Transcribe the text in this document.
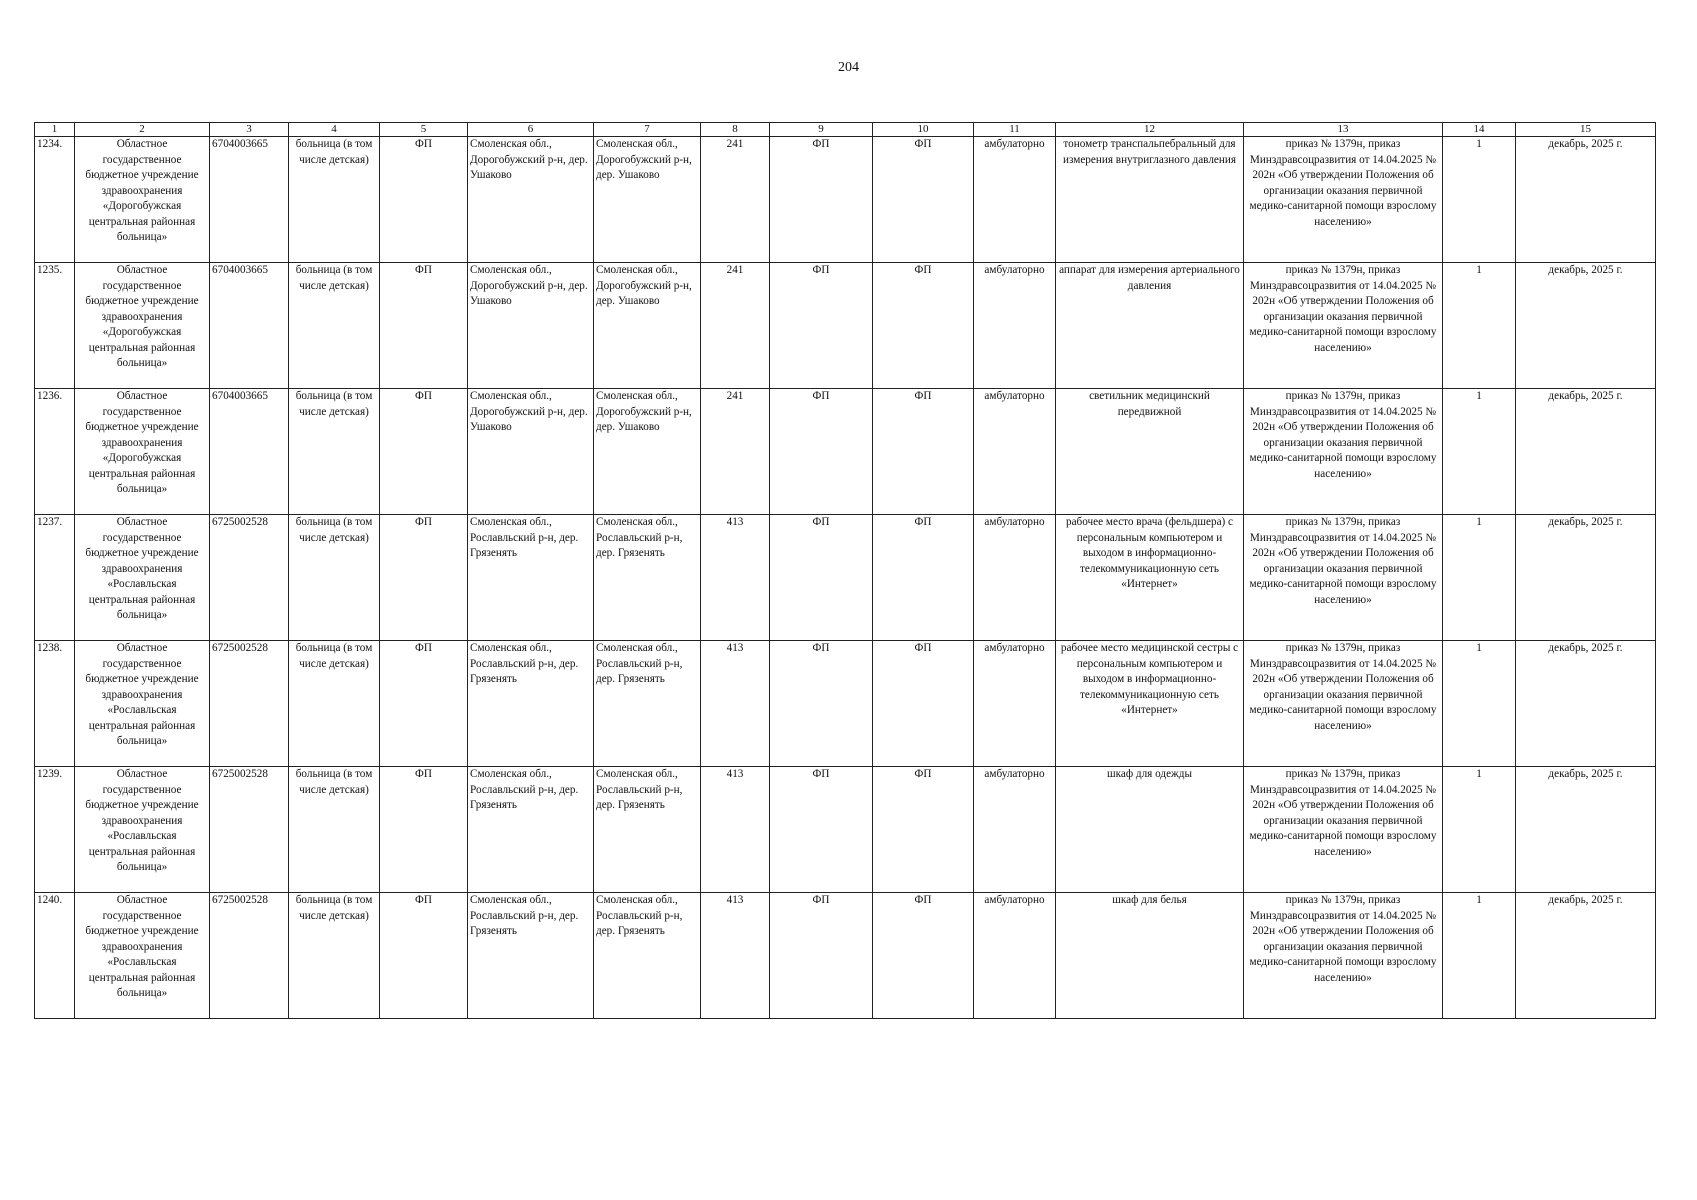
204
1	2	3	4	5	6	7	8	9	10	11	12	13	14	15
1234.	Областное государственное бюджетное учреждение здравоохранения «Дорогобужская центральная районная больница»	6704003665	больница (в том числе детская)	ФП	Смоленская обл., Дорогобужский р-н, дер. Ушаково	Смоленская обл., Дорогобужский р-н, дер. Ушаково	241	ФП	ФП	амбулаторно	тонометр транспальпебральный для измерения внутриглазного давления	приказ № 1379н, приказ Минздравсоцразвития от 14.04.2025 № 202н «Об утверждении Положения об организации оказания первичной медико-санитарной помощи взрослому населению»	1	декабрь, 2025 г.
1235.	Областное государственное бюджетное учреждение здравоохранения «Дорогобужская центральная районная больница»	6704003665	больница (в том числе детская)	ФП	Смоленская обл., Дорогобужский р-н, дер. Ушаково	Смоленская обл., Дорогобужский р-н, дер. Ушаково	241	ФП	ФП	амбулаторно	аппарат для измерения артериального давления	приказ № 1379н, приказ Минздравсоцразвития от 14.04.2025 № 202н «Об утверждении Положения об организации оказания первичной медико-санитарной помощи взрослому населению»	1	декабрь, 2025 г.
1236.	Областное государственное бюджетное учреждение здравоохранения «Дорогобужская центральная районная больница»	6704003665	больница (в том числе детская)	ФП	Смоленская обл., Дорогобужский р-н, дер. Ушаково	Смоленская обл., Дорогобужский р-н, дер. Ушаково	241	ФП	ФП	амбулаторно	светильник медицинский передвижной	приказ № 1379н, приказ Минздравсоцразвития от 14.04.2025 № 202н «Об утверждении Положения об организации оказания первичной медико-санитарной помощи взрослому населению»	1	декабрь, 2025 г.
1237.	Областное государственное бюджетное учреждение здравоохранения «Рославльская центральная районная больница»	6725002528	больница (в том числе детская)	ФП	Смоленская обл., Рославльский р-н, дер. Грязенять	Смоленская обл., Рославльский р-н, дер. Грязенять	413	ФП	ФП	амбулаторно	рабочее место врача (фельдшера) с персональным компьютером и выходом в информационно-телекоммуникационную сеть «Интернет»	приказ № 1379н, приказ Минздравсоцразвития от 14.04.2025 № 202н «Об утверждении Положения об организации оказания первичной медико-санитарной помощи взрослому населению»	1	декабрь, 2025 г.
1238.	Областное государственное бюджетное учреждение здравоохранения «Рославльская центральная районная больница»	6725002528	больница (в том числе детская)	ФП	Смоленская обл., Рославльский р-н, дер. Грязенять	Смоленская обл., Рославльский р-н, дер. Грязенять	413	ФП	ФП	амбулаторно	рабочее место медицинской сестры с персональным компьютером и выходом в информационно-телекоммуникационную сеть «Интернет»	приказ № 1379н, приказ Минздравсоцразвития от 14.04.2025 № 202н «Об утверждении Положения об организации оказания первичной медико-санитарной помощи взрослому населению»	1	декабрь, 2025 г.
1239.	Областное государственное бюджетное учреждение здравоохранения «Рославльская центральная районная больница»	6725002528	больница (в том числе детская)	ФП	Смоленская обл., Рославльский р-н, дер. Грязенять	Смоленская обл., Рославльский р-н, дер. Грязенять	413	ФП	ФП	амбулаторно	шкаф для одежды	приказ № 1379н, приказ Минздравсоцразвития от 14.04.2025 № 202н «Об утверждении Положения об организации оказания первичной медико-санитарной помощи взрослому населению»	1	декабрь, 2025 г.
1240.	Областное государственное бюджетное учреждение здравоохранения «Рославльская центральная районная больница»	6725002528	больница (в том числе детская)	ФП	Смоленская обл., Рославльский р-н, дер. Грязенять	Смоленская обл., Рославльский р-н, дер. Грязенять	413	ФП	ФП	амбулаторно	шкаф для белья	приказ № 1379н, приказ Минздравсоцразвития от 14.04.2025 № 202н «Об утверждении Положения об организации оказания первичной медико-санитарной помощи взрослому населению»	1	декабрь, 2025 г.
